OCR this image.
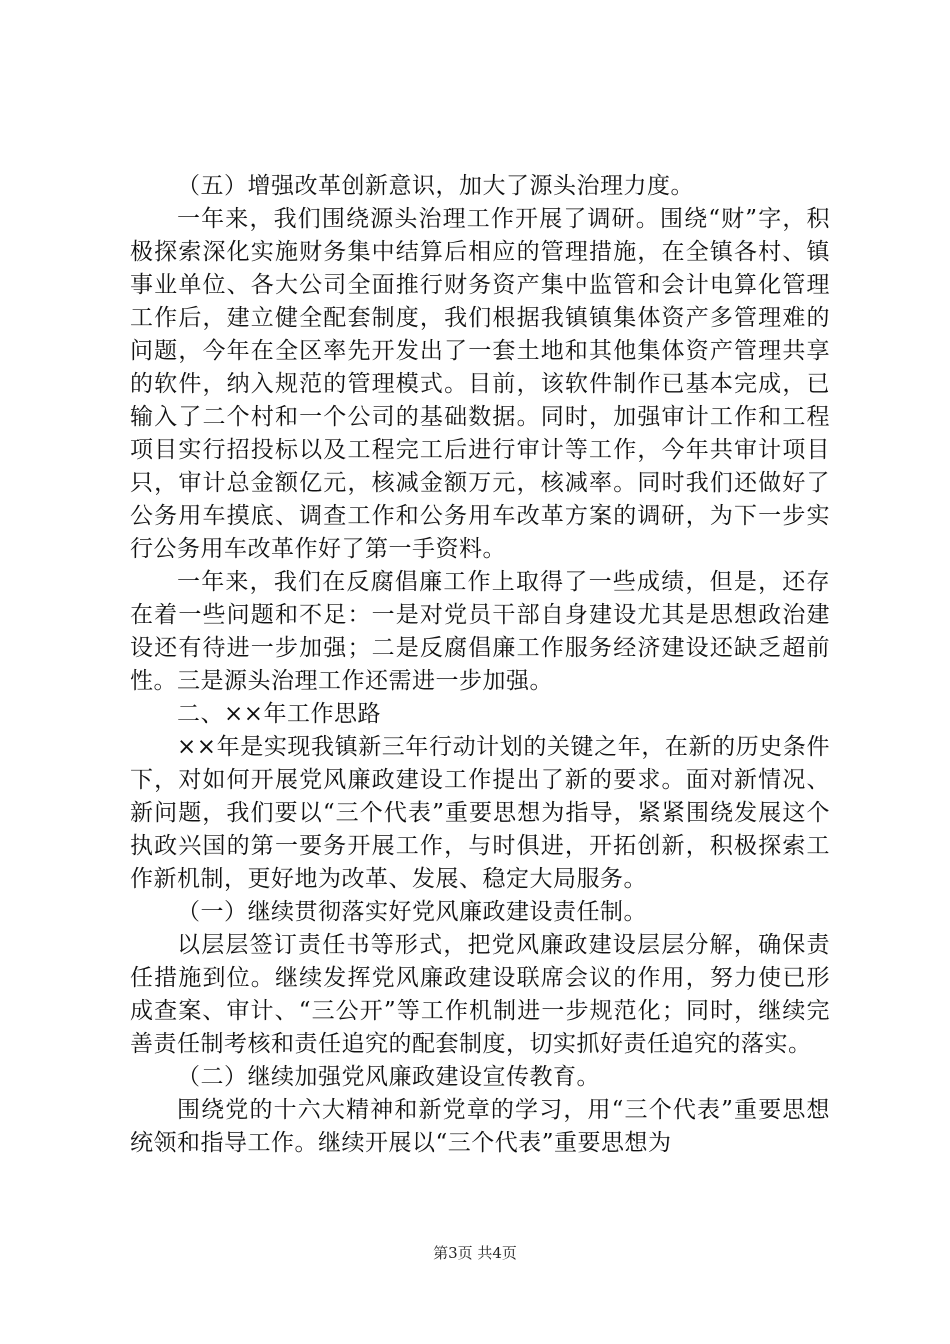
（五）增强改革创新意识，加大了源头治理力度。

一年来，我们围绕源头治理工作开展了调研。围绕“财”字，积极探索深化实施财务集中结算后相应的管理措施，在全镇各村、镇事业单位、各大公司全面推行财务资产集中监管和会计电算化管理工作后，建立健全配套制度，我们根据我镇镇集体资产多管理难的问题，今年在全区率先开发出了一套土地和其他集体资产管理共享的软件，纳入规范的管理模式。目前，该软件制作已基本完成，已输入了二个村和一个公司的基础数据。同时，加强审计工作和工程项目实行招投标以及工程完工后进行审计等工作，今年共审计项目只，审计总金额亿元，核减金额万元，核减率。同时我们还做好了公务用车摸底、调查工作和公务用车改革方案的调研，为下一步实行公务用车改革作好了第一手资料。

一年来，我们在反腐倡廉工作上取得了一些成绩，但是，还存在着一些问题和不足：一是对党员干部自身建设尤其是思想政治建设还有待进一步加强；二是反腐倡廉工作服务经济建设还缺乏超前性。三是源头治理工作还需进一步加强。

二、××年工作思路

××年是实现我镇新三年行动计划的关键之年，在新的历史条件下，对如何开展党风廉政建设工作提出了新的要求。面对新情况、新问题，我们要以“三个代表”重要思想为指导，紧紧围绕发展这个执政兴国的第一要务开展工作，与时俱进，开拓创新，积极探索工作新机制，更好地为改革、发展、稳定大局服务。

（一）继续贯彻落实好党风廉政建设责任制。

以层层签订责任书等形式，把党风廉政建设层层分解，确保责任措施到位。继续发挥党风廉政建设联席会议的作用，努力使已形成查案、审计、“三公开”等工作机制进一步规范化；同时，继续完善责任制考核和责任追究的配套制度，切实抓好责任追究的落实。

（二）继续加强党风廉政建设宣传教育。

围绕党的十六大精神和新党章的学习，用“三个代表”重要思想统领和指导工作。继续开展以“三个代表”重要思想为

第3页 共4页
